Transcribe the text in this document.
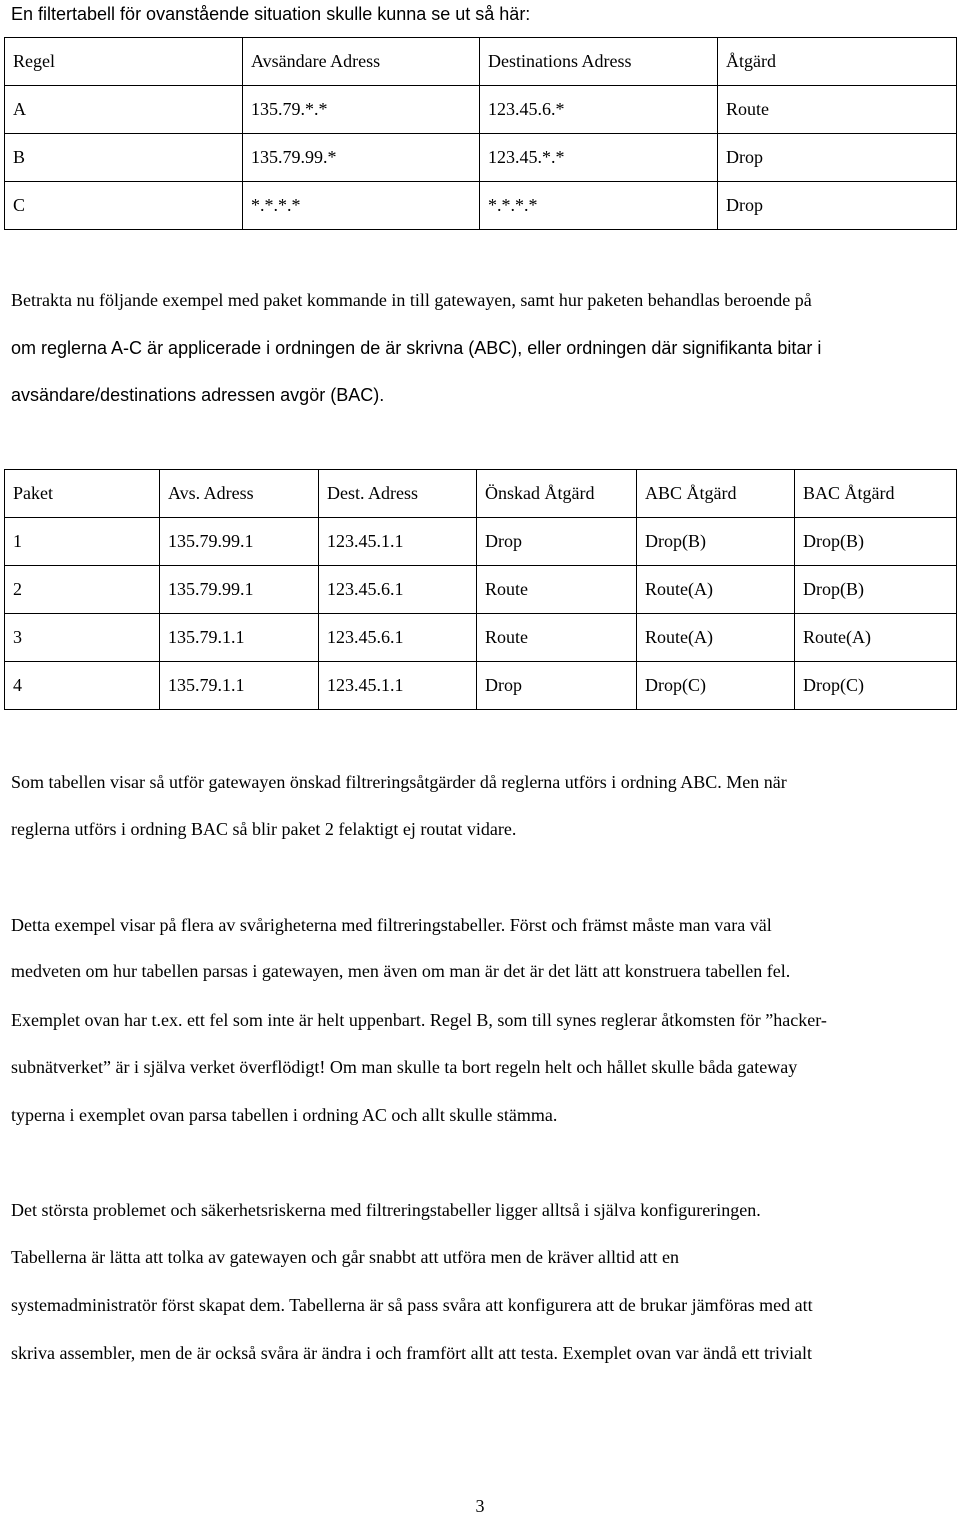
En filtertabell för ovanstående situation skulle kunna se ut så här:
Regel	Avsändare Adress	Destinations Adress	Åtgärd
A	135.79.*.*	123.45.6.*	Route
B	135.79.99.*	123.45.*.*	Drop
C	*.*.*.*	*.*.*.*	Drop
Betrakta nu följande exempel med paket kommande in till gatewayen, samt hur paketen behandlas beroende på
om reglerna A-C är applicerade i ordningen de är skrivna (ABC), eller ordningen där signifikanta bitar i
avsändare/destinations adressen avgör (BAC).
Paket	Avs. Adress	Dest. Adress	Önskad Åtgärd	ABC Åtgärd	BAC Åtgärd
1	135.79.99.1	123.45.1.1	Drop	Drop(B)	Drop(B)
2	135.79.99.1	123.45.6.1	Route	Route(A)	Drop(B)
3	135.79.1.1	123.45.6.1	Route	Route(A)	Route(A)
4	135.79.1.1	123.45.1.1	Drop	Drop(C)	Drop(C)
Som tabellen visar så utför gatewayen önskad filtreringsåtgärder då reglerna utförs i ordning ABC. Men när
reglerna utförs i ordning BAC så blir paket 2 felaktigt ej routat vidare.
Detta exempel visar på flera av svårigheterna med filtreringstabeller. Först och främst måste man vara väl
medveten om hur tabellen parsas i gatewayen, men även om man är det är det lätt att konstruera tabellen fel.
Exemplet ovan har t.ex. ett fel som inte är helt uppenbart. Regel B, som till synes reglerar åtkomsten för ”hacker-
subnätverket” är i själva verket överflödigt! Om man skulle ta bort regeln helt och hållet skulle båda gateway
typerna i exemplet ovan parsa tabellen i ordning AC och allt skulle stämma.
Det största problemet och säkerhetsriskerna med filtreringstabeller ligger alltså i själva konfigureringen.
Tabellerna är lätta att tolka av gatewayen och går snabbt att utföra men de kräver alltid att en
systemadministratör först skapat dem. Tabellerna är så pass svåra att konfigurera att de brukar jämföras med att
skriva assembler, men de är också svåra är ändra i och framfört allt att testa. Exemplet ovan var ändå ett trivialt
3
